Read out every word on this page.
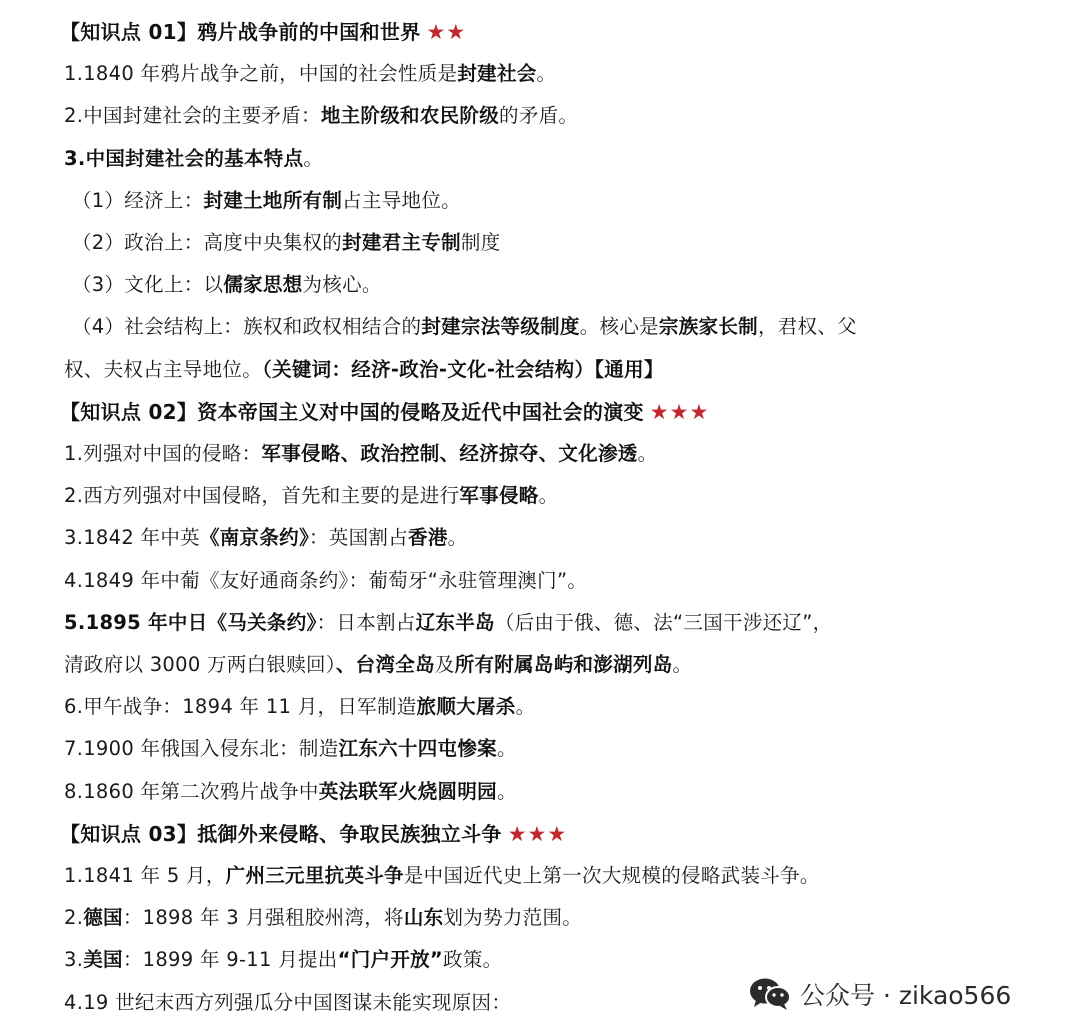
【知识点 01】鸦片战争前的中国和世界 ★★
1.1840 年鸦片战争之前，中国的社会性质是封建社会。
2.中国封建社会的主要矛盾：地主阶级和农民阶级的矛盾。
3.中国封建社会的基本特点。
（1）经济上：封建土地所有制占主导地位。
（2）政治上：高度中央集权的封建君主专制制度
（3）文化上：以儒家思想为核心。
（4）社会结构上：族权和政权相结合的封建宗法等级制度。核心是宗族家长制，君权、父
权、夫权占主导地位。（关键词：经济-政治-文化-社会结构）【通用】
【知识点 02】资本帝国主义对中国的侵略及近代中国社会的演变 ★★★
1.列强对中国的侵略：军事侵略、政治控制、经济掠夺、文化渗透。
2.西方列强对中国侵略，首先和主要的是进行军事侵略。
3.1842 年中英《南京条约》：英国割占香港。
4.1849 年中葡《友好通商条约》：葡萄牙“永驻管理澳门”。
5.1895 年中日《马关条约》：日本割占辽东半岛（后由于俄、德、法“三国干涉还辽”，
清政府以 3000 万两白银赎回）、台湾全岛及所有附属岛屿和澎湖列岛。
6.甲午战争：1894 年 11 月，日军制造旅顺大屠杀。
7.1900 年俄国入侵东北：制造江东六十四屯惨案。
8.1860 年第二次鸦片战争中英法联军火烧圆明园。
【知识点 03】抵御外来侵略、争取民族独立斗争 ★★★
1.1841 年 5 月，广州三元里抗英斗争是中国近代史上第一次大规模的侵略武装斗争。
2.德国：1898 年 3 月强租胶州湾，将山东划为势力范围。
3.美国：1899 年 9-11 月提出“门户开放”政策。
4.19 世纪末西方列强瓜分中国图谋未能实现原因：	公众号 · zikao566
